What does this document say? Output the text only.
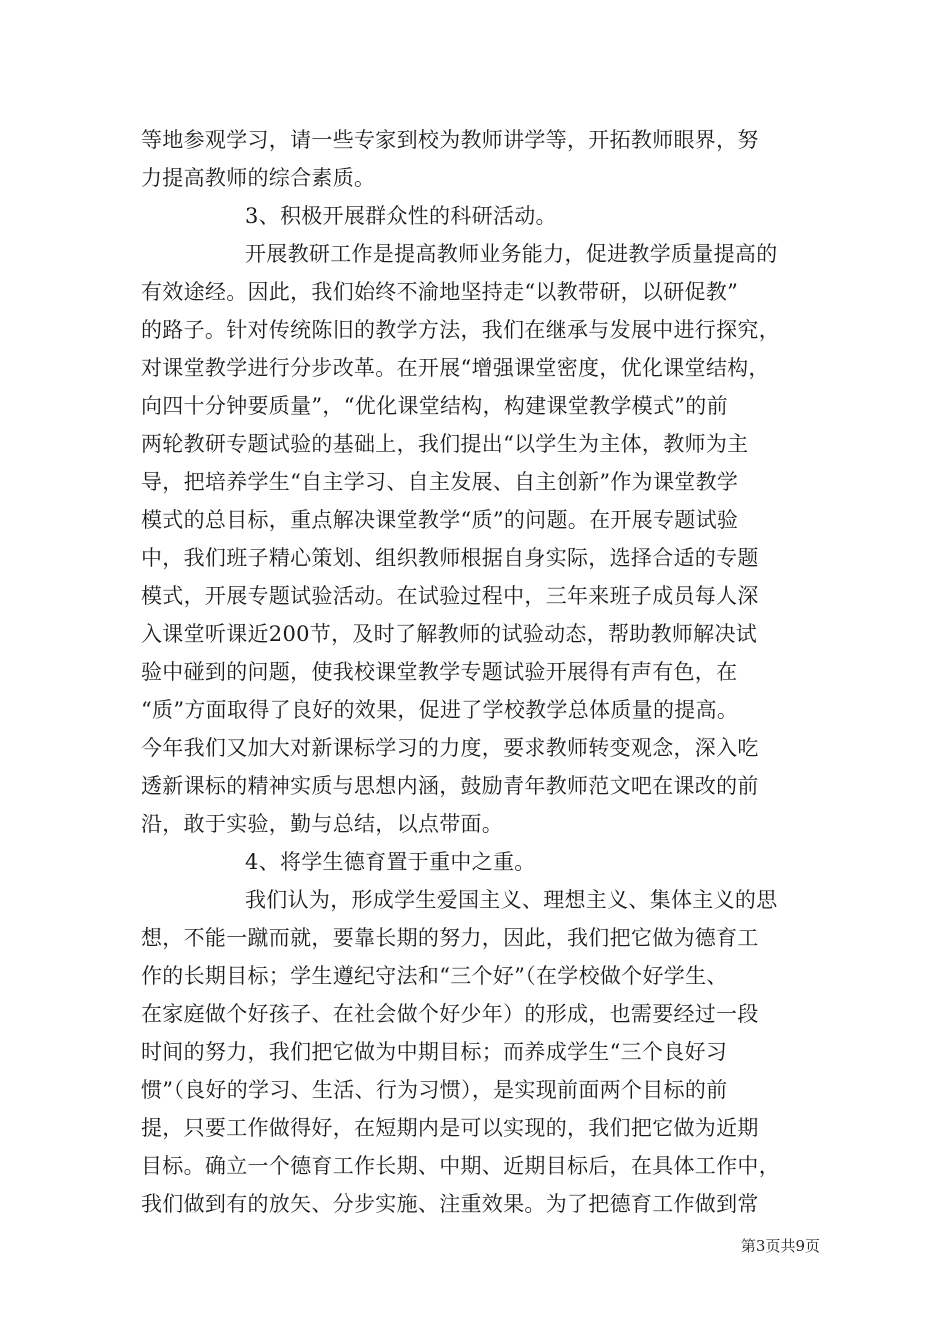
等地参观学习，请一些专家到校为教师讲学等，开拓教师眼界，努
力提高教师的综合素质。
3、积极开展群众性的科研活动。
开展教研工作是提高教师业务能力，促进教学质量提高的
有效途经。因此，我们始终不渝地坚持走“以教带研，以研促教”
的路子。针对传统陈旧的教学方法，我们在继承与发展中进行探究，
对课堂教学进行分步改革。在开展“增强课堂密度，优化课堂结构，
向四十分钟要质量”，“优化课堂结构，构建课堂教学模式”的前
两轮教研专题试验的基础上，我们提出“以学生为主体，教师为主
导，把培养学生“自主学习、自主发展、自主创新”作为课堂教学
模式的总目标，重点解决课堂教学“质”的问题。在开展专题试验
中，我们班子精心策划、组织教师根据自身实际，选择合适的专题
模式，开展专题试验活动。在试验过程中，三年来班子成员每人深
入课堂听课近200节，及时了解教师的试验动态，帮助教师解决试
验中碰到的问题，使我校课堂教学专题试验开展得有声有色，在
“质”方面取得了良好的效果，促进了学校教学总体质量的提高。
今年我们又加大对新课标学习的力度，要求教师转变观念，深入吃
透新课标的精神实质与思想内涵，鼓励青年教师范文吧在课改的前
沿，敢于实验，勤与总结，以点带面。
4、将学生德育置于重中之重。
我们认为，形成学生爱国主义、理想主义、集体主义的思
想，不能一蹴而就，要靠长期的努力，因此，我们把它做为德育工
作的长期目标；学生遵纪守法和“三个好”（在学校做个好学生、
在家庭做个好孩子、在社会做个好少年）的形成，也需要经过一段
时间的努力，我们把它做为中期目标；而养成学生“三个良好习
惯”（良好的学习、生活、行为习惯），是实现前面两个目标的前
提，只要工作做得好，在短期内是可以实现的，我们把它做为近期
目标。确立一个德育工作长期、中期、近期目标后，在具体工作中，
我们做到有的放矢、分步实施、注重效果。为了把德育工作做到常
第3页共9页
